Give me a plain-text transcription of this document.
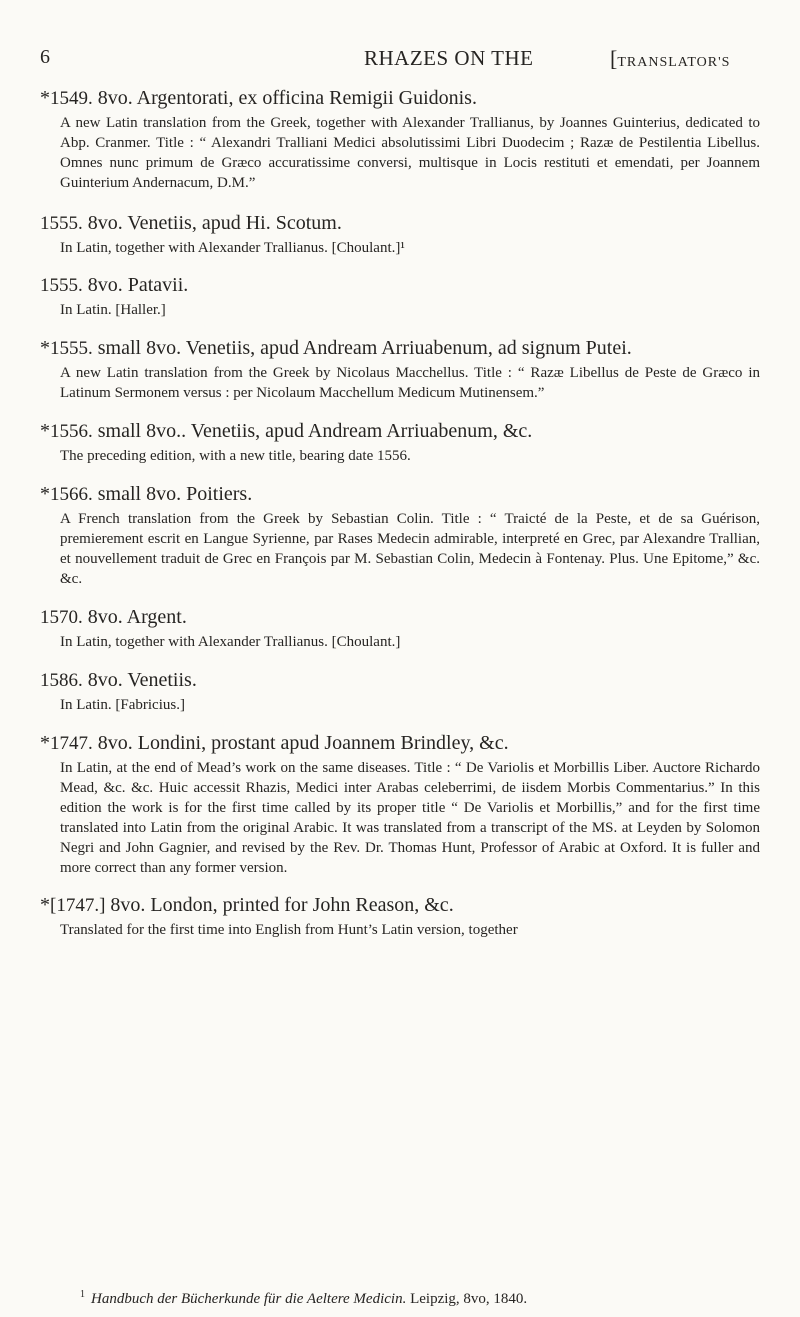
6	RHAZES ON THE	[TRANSLATOR'S
*1549. 8vo. Argentorati, ex officina Remigii Guidonis.
A new Latin translation from the Greek, together with Alexander Trallianus, by Joannes Guinterius, dedicated to Abp. Cranmer. Title : “ Alexandri Tralliani Medici absolutissimi Libri Duodecim ; Razæ de Pestilentia Libellus. Omnes nunc primum de Græco accuratissime conversi, multisque in Locis restituti et emendati, per Joannem Guinterium Andernacum, D.M.”
1555. 8vo. Venetiis, apud Hi. Scotum.
In Latin, together with Alexander Trallianus. [Choulant.]¹
1555. 8vo. Patavii.
In Latin. [Haller.]
*1555. small 8vo. Venetiis, apud Andream Arriuabenum, ad signum Putei.
A new Latin translation from the Greek by Nicolaus Macchellus. Title : “ Razæ Libellus de Peste de Græco in Latinum Sermonem versus : per Nicolaum Macchellum Medicum Mutinensem.”
*1556. small 8vo.. Venetiis, apud Andream Arriuabenum, &c.
The preceding edition, with a new title, bearing date 1556.
*1566. small 8vo. Poitiers.
A French translation from the Greek by Sebastian Colin. Title : “ Traicté de la Peste, et de sa Guérison, premierement escrit en Langue Syrienne, par Rases Medecin admirable, interpreté en Grec, par Alexandre Trallian, et nouvellement traduit de Grec en François par M. Sebastian Colin, Medecin à Fontenay. Plus. Une Epitome,” &c. &c.
1570. 8vo. Argent.
In Latin, together with Alexander Trallianus. [Choulant.]
1586. 8vo. Venetiis.
In Latin. [Fabricius.]
*1747. 8vo. Londini, prostant apud Joannem Brindley, &c.
In Latin, at the end of Mead’s work on the same diseases. Title : “ De Variolis et Morbillis Liber. Auctore Richardo Mead, &c. &c. Huic accessit Rhazis, Medici inter Arabas celeberrimi, de iisdem Morbis Commentarius.” In this edition the work is for the first time called by its proper title “ De Variolis et Morbillis,” and for the first time translated into Latin from the original Arabic. It was translated from a transcript of the MS. at Leyden by Solomon Negri and John Gagnier, and revised by the Rev. Dr. Thomas Hunt, Professor of Arabic at Oxford. It is fuller and more correct than any former version.
*[1747.] 8vo. London, printed for John Reason, &c.
Translated for the first time into English from Hunt’s Latin version, together
$^1$ Handbuch der Bücherkunde für die Aeltere Medicin. Leipzig, 8vo, 1840.
